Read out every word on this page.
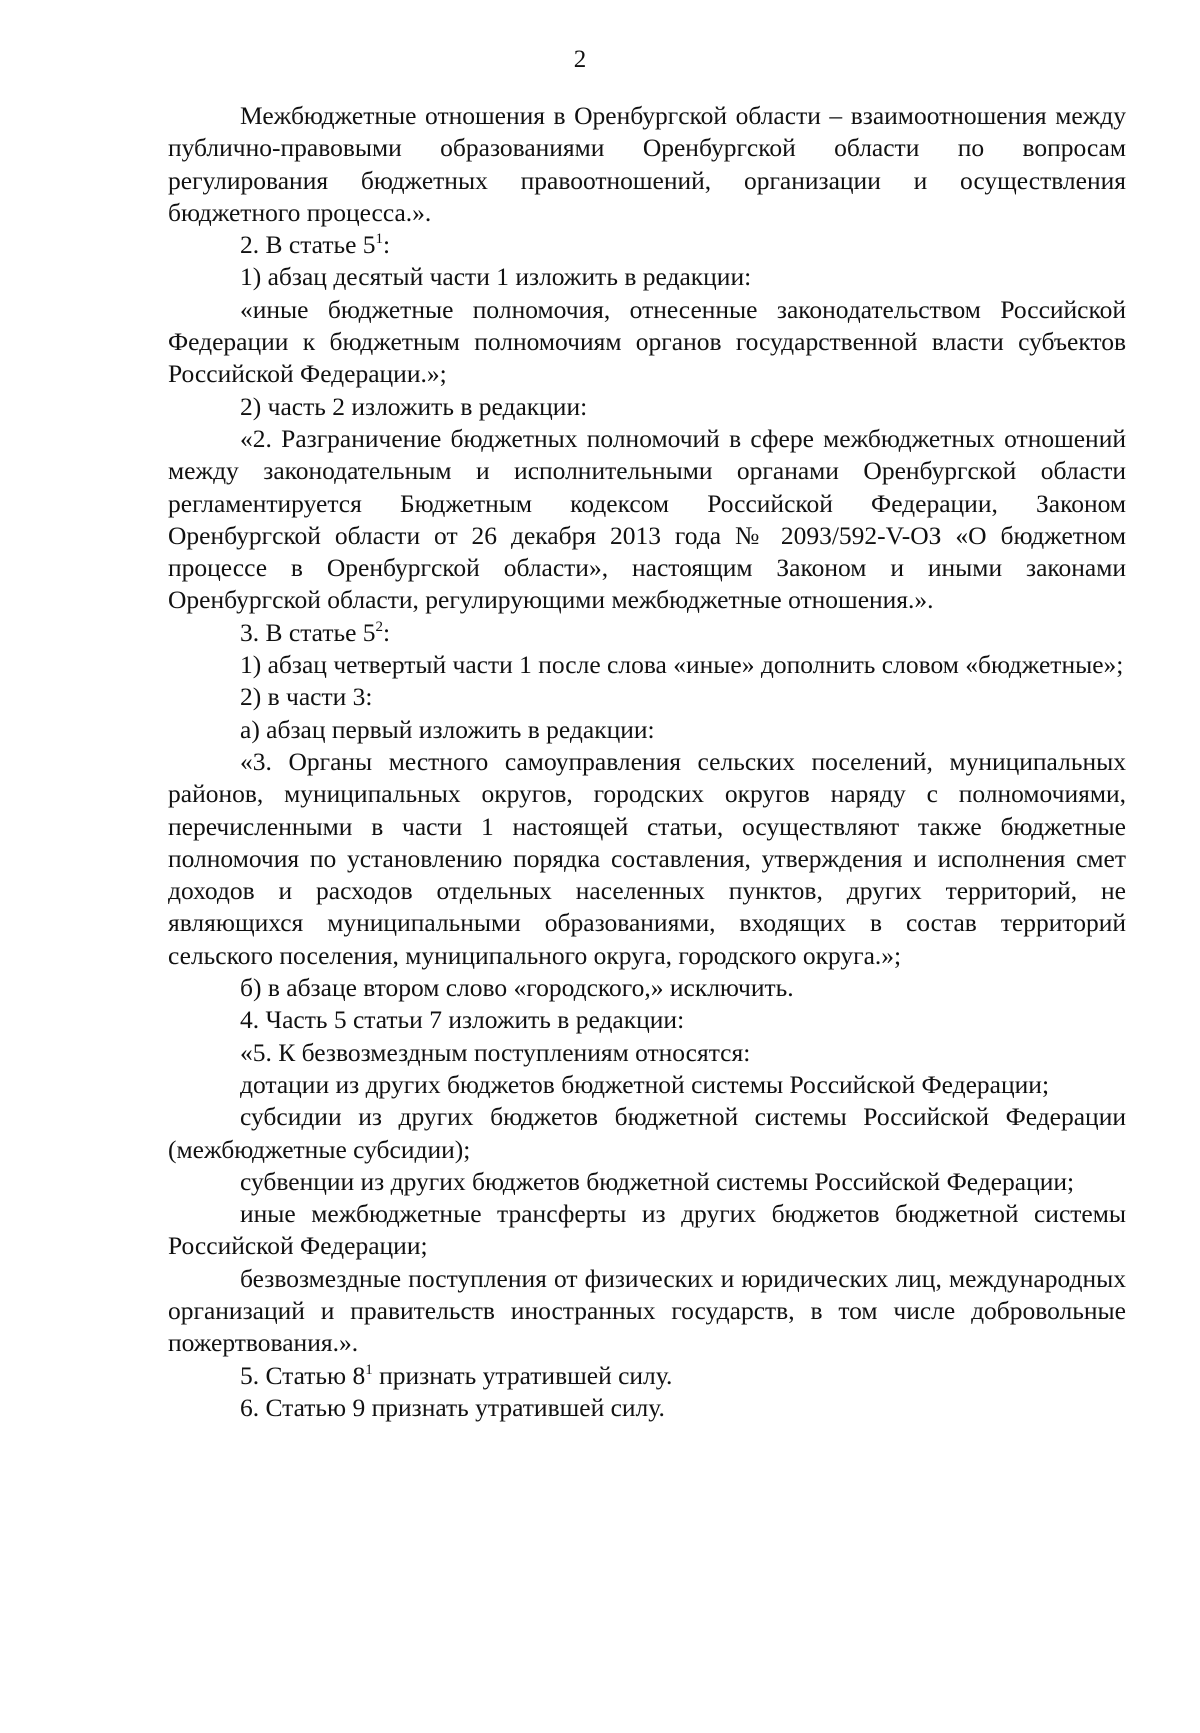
2

Межбюджетные отношения в Оренбургской области – взаимоотношения между публично-правовыми образованиями Оренбургской области по вопросам регулирования бюджетных правоотношений, организации и осуществления бюджетного процесса.».

2. В статье $5^1$:

1) абзац десятый части 1 изложить в редакции:

«иные бюджетные полномочия, отнесенные законодательством Российской Федерации к бюджетным полномочиям органов государственной власти субъектов Российской Федерации.»;

2) часть 2 изложить в редакции:

«2. Разграничение бюджетных полномочий в сфере межбюджетных отношений между законодательным и исполнительными органами Оренбургской области регламентируется Бюджетным кодексом Российской Федерации, Законом Оренбургской области от 26 декабря 2013 года № 2093/592-V-ОЗ «О бюджетном процессе в Оренбургской области», настоящим Законом и иными законами Оренбургской области, регулирующими межбюджетные отношения.».

3. В статье $5^2$:

1) абзац четвертый части 1 после слова «иные» дополнить словом «бюджетные»;

2) в части 3:

а) абзац первый изложить в редакции:

«3. Органы местного самоуправления сельских поселений, муниципальных районов, муниципальных округов, городских округов наряду с полномочиями, перечисленными в части 1 настоящей статьи, осуществляют также бюджетные полномочия по установлению порядка составления, утверждения и исполнения смет доходов и расходов отдельных населенных пунктов, других территорий, не являющихся муниципальными образованиями, входящих в состав территорий сельского поселения, муниципального округа, городского округа.»;

б) в абзаце втором слово «городского,» исключить.

4. Часть 5 статьи 7 изложить в редакции:

«5. К безвозмездным поступлениям относятся:

дотации из других бюджетов бюджетной системы Российской Федерации;

субсидии из других бюджетов бюджетной системы Российской Федерации (межбюджетные субсидии);

субвенции из других бюджетов бюджетной системы Российской Федерации;

иные межбюджетные трансферты из других бюджетов бюджетной системы Российской Федерации;

безвозмездные поступления от физических и юридических лиц, международных организаций и правительств иностранных государств, в том числе добровольные пожертвования.».

5. Статью $8^1$ признать утратившей силу.

6. Статью 9 признать утратившей силу.
